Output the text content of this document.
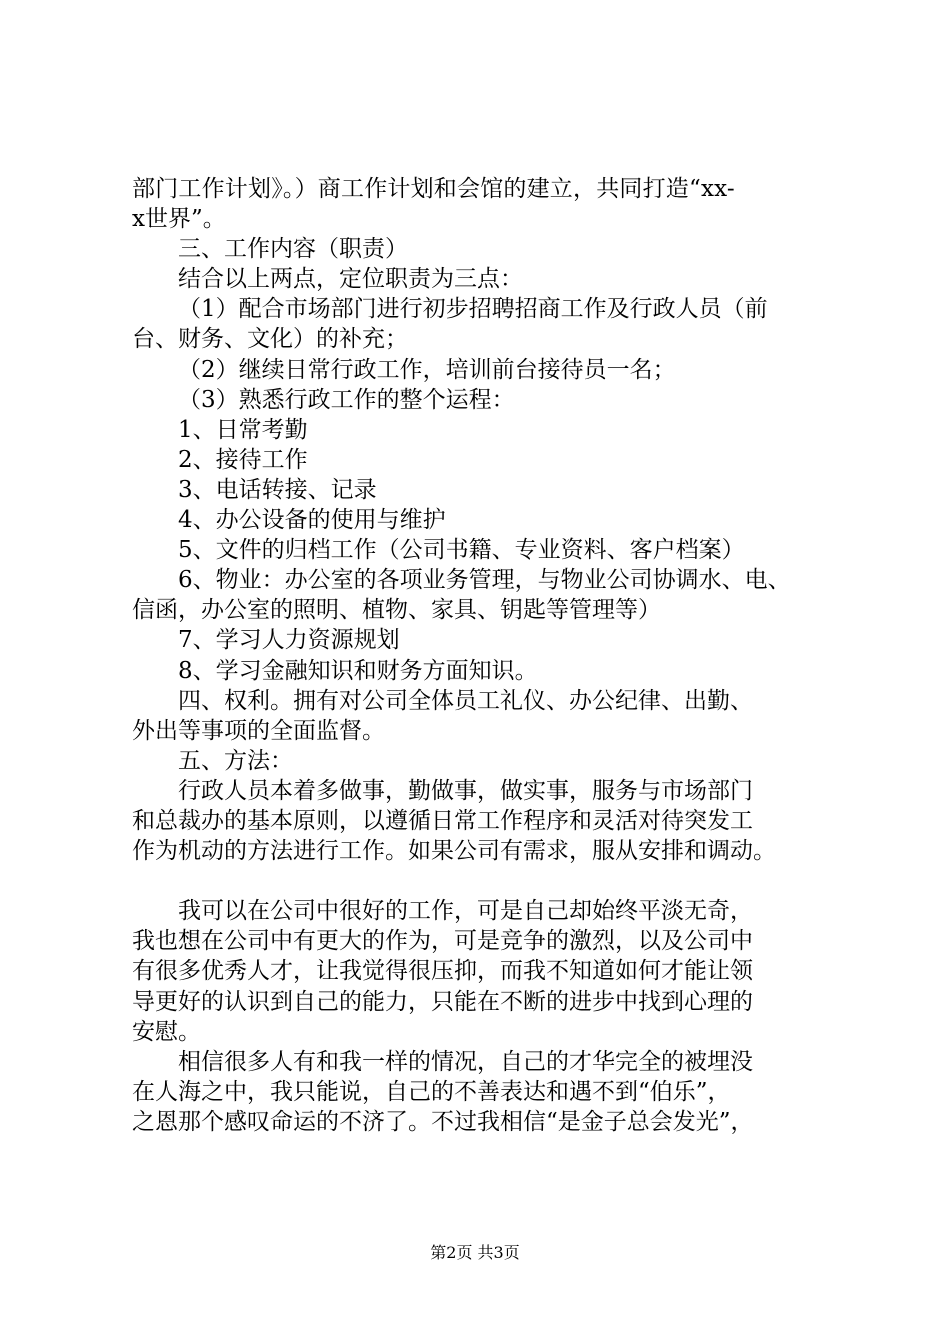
部门工作计划》。）商工作计划和会馆的建立，共同打造“xx-
x世界”。
三、工作内容（职责）
结合以上两点，定位职责为三点：
（1）配合市场部门进行初步招聘招商工作及行政人员（前
台、财务、文化）的补充；
（2）继续日常行政工作，培训前台接待员一名；
（3）熟悉行政工作的整个运程：
1、日常考勤
2、接待工作
3、电话转接、记录
4、办公设备的使用与维护
5、文件的归档工作（公司书籍、专业资料、客户档案）
6、物业：办公室的各项业务管理，与物业公司协调水、电、
信函，办公室的照明、植物、家具、钥匙等管理等）
7、学习人力资源规划
8、学习金融知识和财务方面知识。
四、权利。拥有对公司全体员工礼仪、办公纪律、出勤、
外出等事项的全面监督。
五、方法：
行政人员本着多做事，勤做事，做实事，服务与市场部门
和总裁办的基本原则，以遵循日常工作程序和灵活对待突发工
作为机动的方法进行工作。如果公司有需求，服从安排和调动。
我可以在公司中很好的工作，可是自己却始终平淡无奇，
我也想在公司中有更大的作为，可是竞争的激烈，以及公司中
有很多优秀人才，让我觉得很压抑，而我不知道如何才能让领
导更好的认识到自己的能力，只能在不断的进步中找到心理的
安慰。
相信很多人有和我一样的情况，自己的才华完全的被埋没
在人海之中，我只能说，自己的不善表达和遇不到“伯乐”，
之恩那个感叹命运的不济了。不过我相信“是金子总会发光”，
第2页 共3页
